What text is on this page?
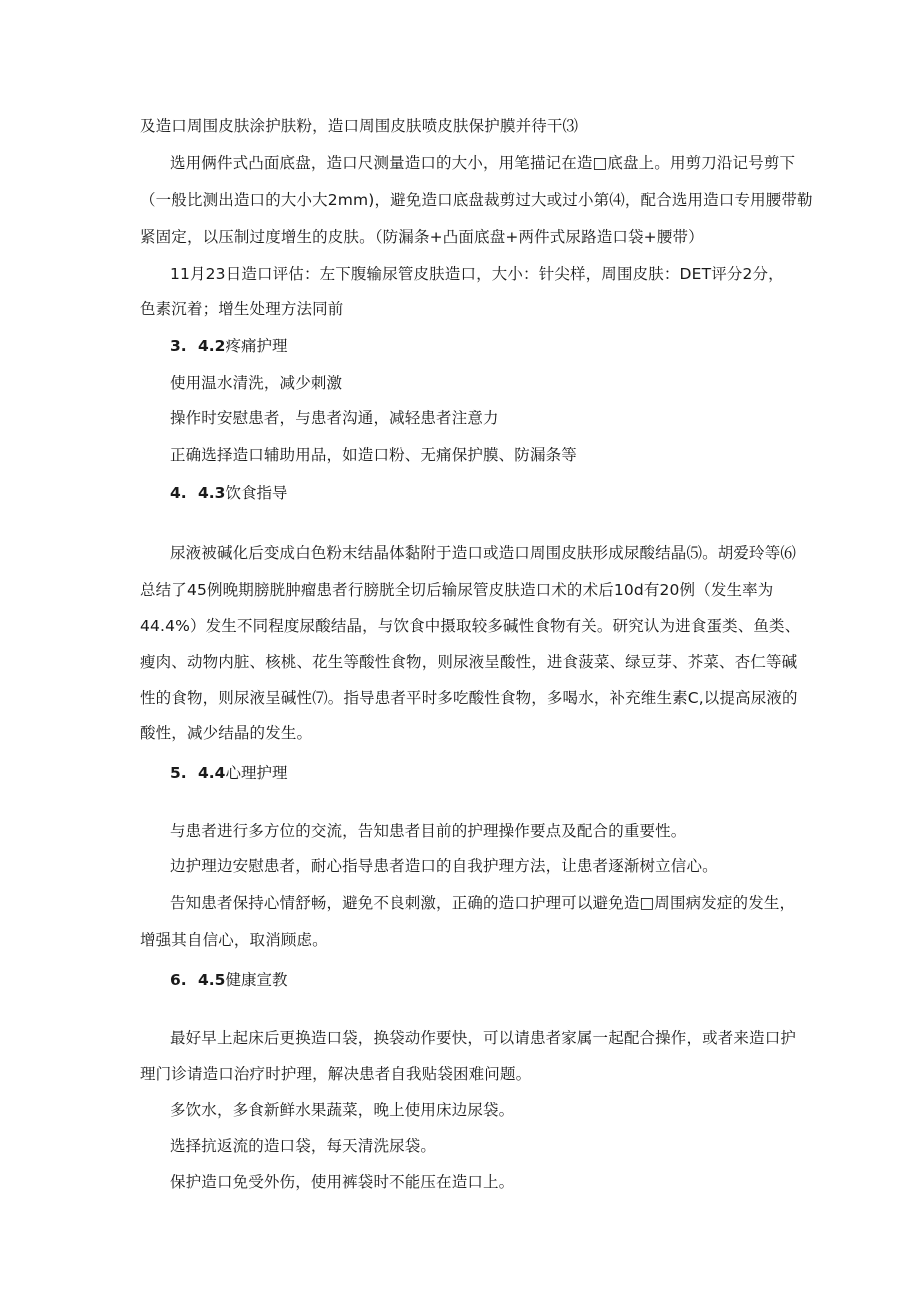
及造口周围皮肤涂护肤粉，造口周围皮肤喷皮肤保护膜并待干⑶
选用俩件式凸面底盘，造口尺测量造口的大小，用笔描记在造□底盘上。用剪刀沿记号剪下
（一般比测出造口的大小大2mm)，避免造口底盘裁剪过大或过小第⑷，配合选用造口专用腰带勒
紧固定，以压制过度增生的皮肤。（防漏条+凸面底盘+两件式尿路造口袋+腰带）
11月23日造口评估：左下腹输尿管皮肤造口，大小：针尖样，周围皮肤：DET评分2分，
色素沉着；增生处理方法同前
3. 4.2疼痛护理
使用温水清洗，减少刺激
操作时安慰患者，与患者沟通，减轻患者注意力
正确选择造口辅助用品，如造口粉、无痛保护膜、防漏条等
4. 4.3饮食指导
尿液被碱化后变成白色粉末结晶体黏附于造口或造口周围皮肤形成尿酸结晶⑸。胡爱玲等⑹
总结了45例晚期膀胱肿瘤患者行膀胱全切后输尿管皮肤造口术的术后10d有20例（发生率为
44.4%）发生不同程度尿酸结晶，与饮食中摄取较多碱性食物有关。研究认为进食蛋类、鱼类、
瘦肉、动物内脏、核桃、花生等酸性食物，则尿液呈酸性，进食菠菜、绿豆芽、芥菜、杏仁等碱
性的食物，则尿液呈碱性⑺。指导患者平时多吃酸性食物，多喝水，补充维生素C,以提高尿液的
酸性，减少结晶的发生。
5. 4.4心理护理
与患者进行多方位的交流，告知患者目前的护理操作要点及配合的重要性。
边护理边安慰患者，耐心指导患者造口的自我护理方法，让患者逐渐树立信心。
告知患者保持心情舒畅，避免不良刺激，正确的造口护理可以避免造□周围病发症的发生，
增强其自信心，取消顾虑。
6. 4.5健康宣教
最好早上起床后更换造口袋，换袋动作要快，可以请患者家属一起配合操作，或者来造口护
理门诊请造口治疗时护理，解决患者自我贴袋困难问题。
多饮水，多食新鲜水果蔬菜，晚上使用床边尿袋。
选择抗返流的造口袋，每天清洗尿袋。
保护造口免受外伤，使用裤袋时不能压在造口上。
